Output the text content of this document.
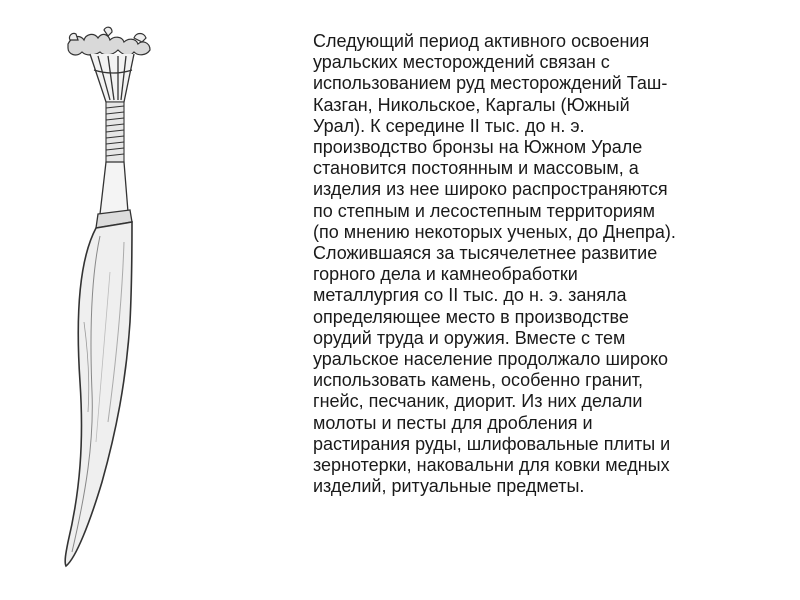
Следующий период активного освоения
уральских месторождений связан с
использованием руд месторождений Таш-
Казган, Никольское, Каргалы (Южный
Урал). К середине II тыс. до н. э.
производство бронзы на Южном Урале
становится постоянным и массовым, а
изделия из нее широко распространяются
по степным и лесостепным территориям
(по мнению некоторых ученых, до Днепра).
Сложившаяся за тысячелетнее развитие
горного дела и камнеобработки
металлургия со II тыс. до н. э. заняла
определяющее место в производстве
орудий труда и оружия. Вместе с тем
уральское население продолжало широко
использовать камень, особенно гранит,
гнейс, песчаник, диорит. Из них делали
молоты и песты для дробления и
растирания руды, шлифовальные плиты и
зернотерки, наковальни для ковки медных
изделий, ритуальные предметы.
